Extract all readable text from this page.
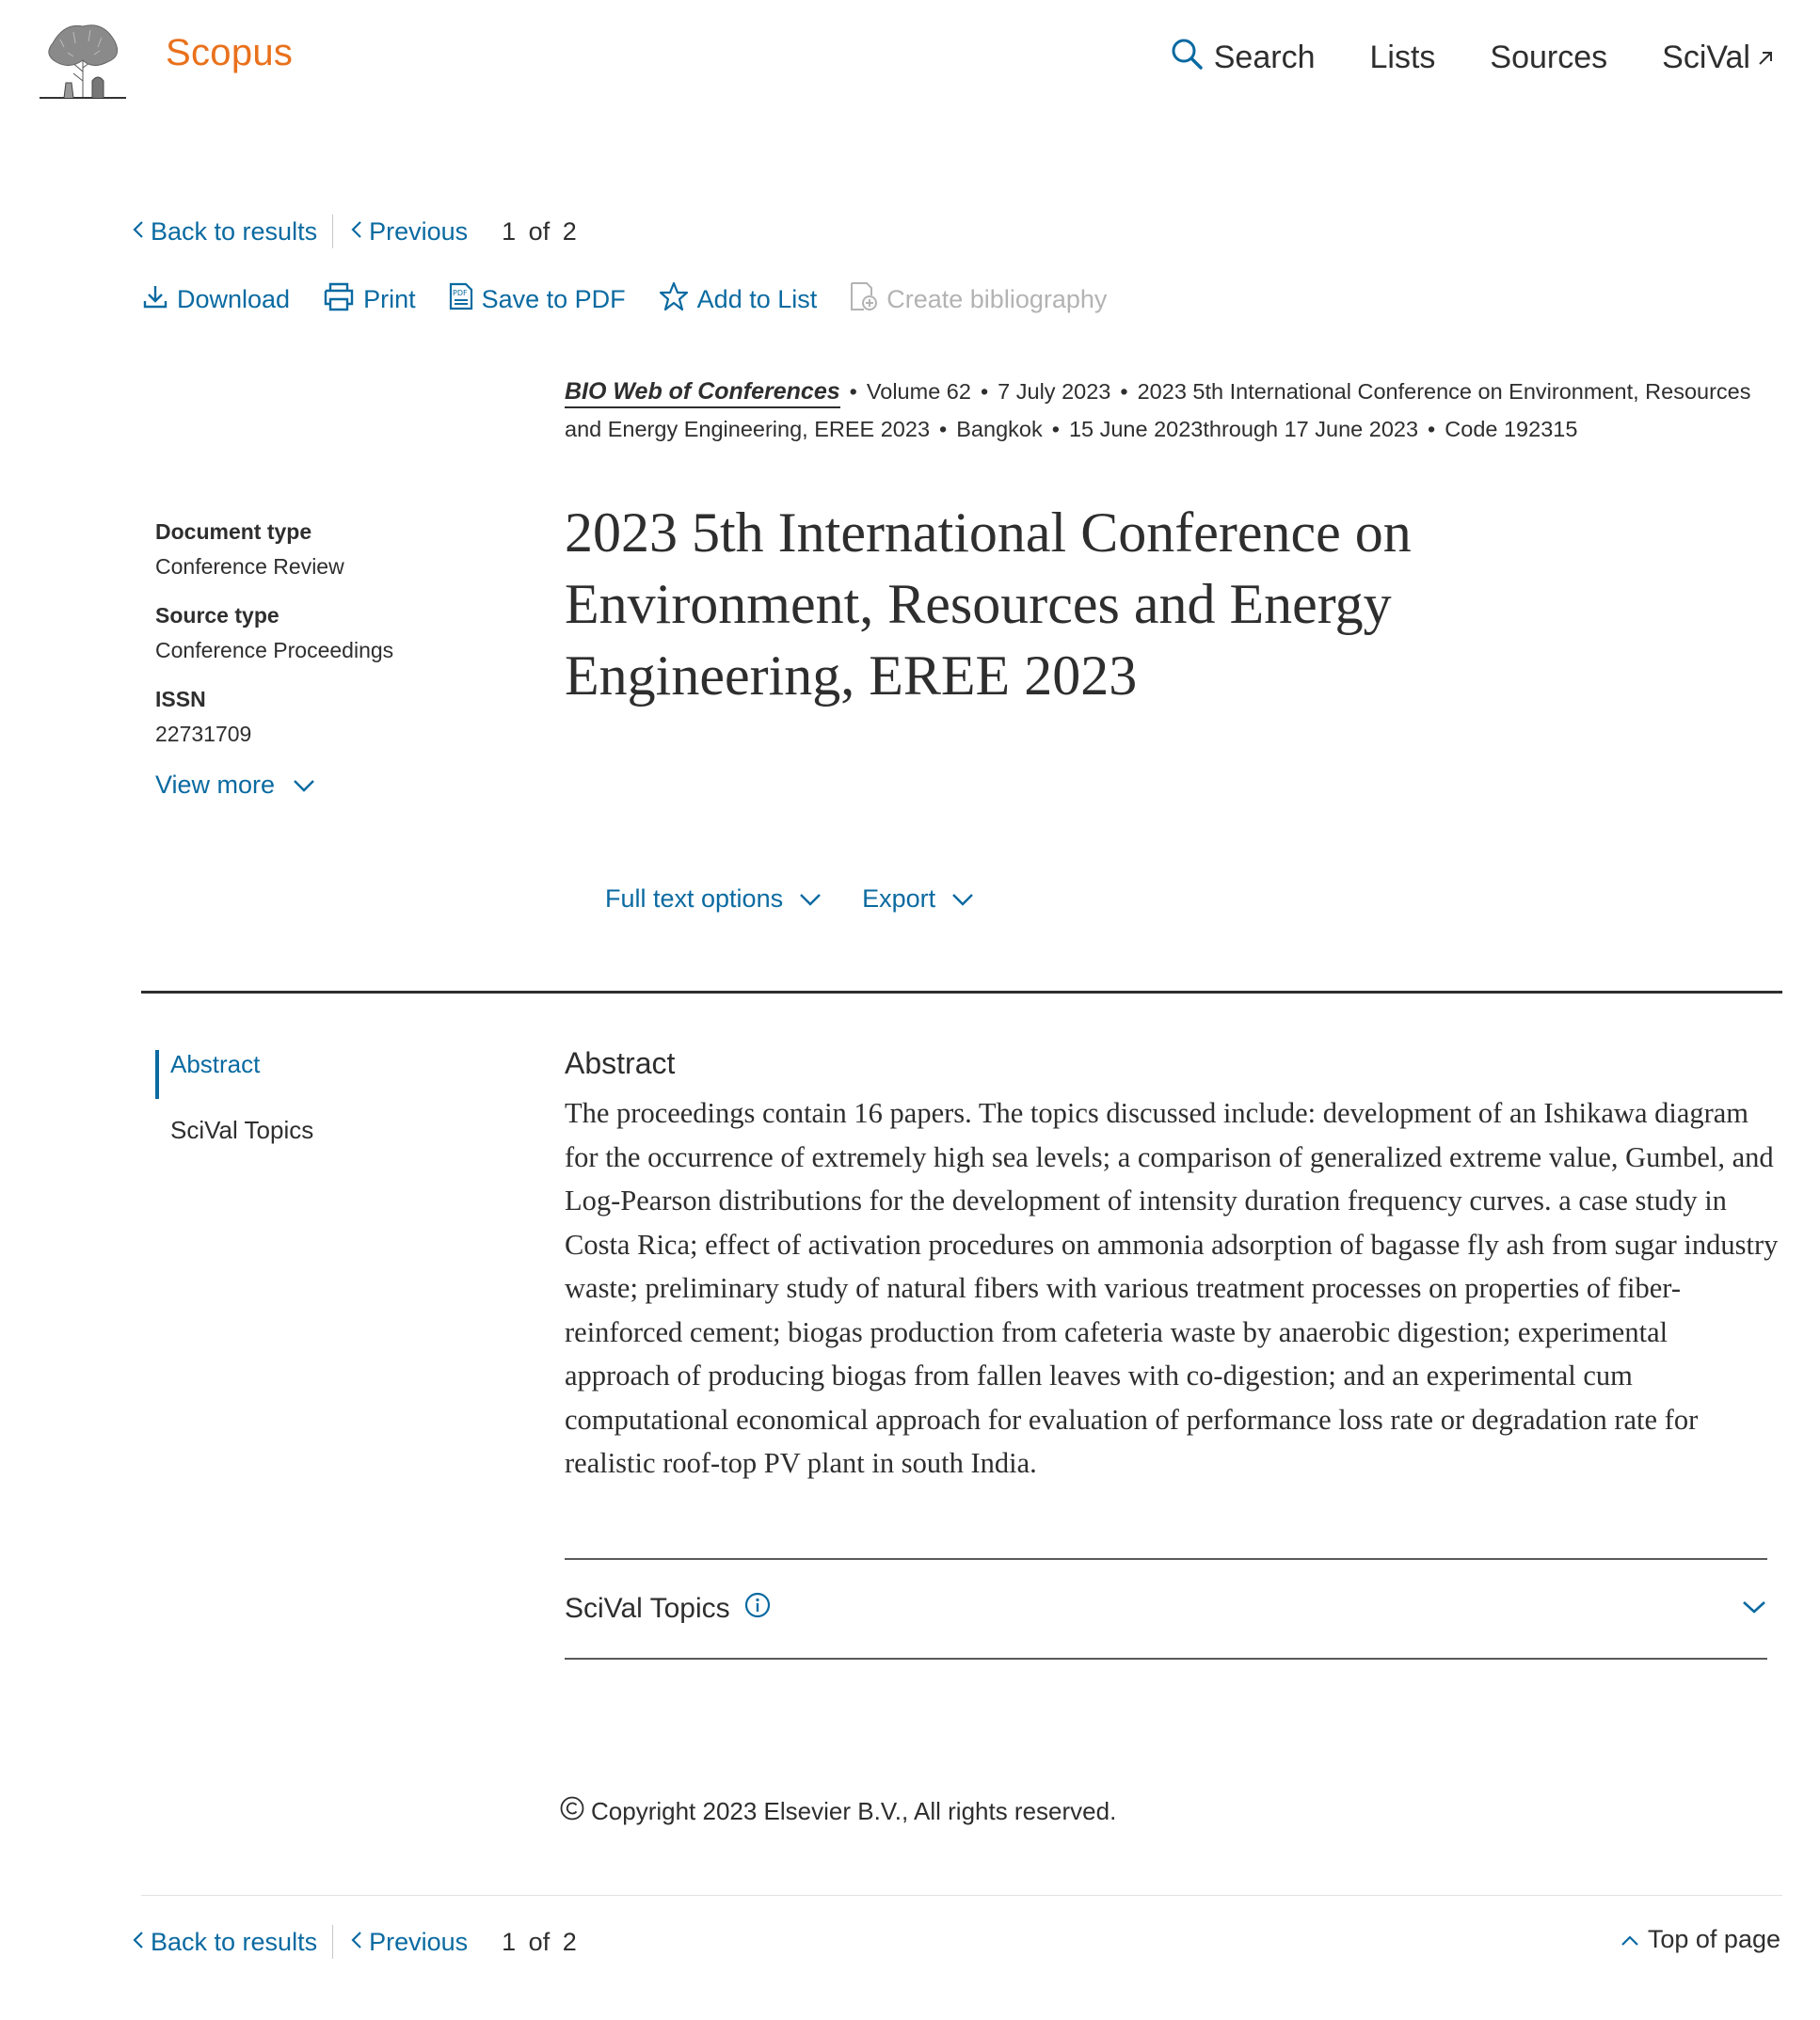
Scopus	Search Lists Sources SciVal
Back to results Previous 1 of 2
Download	Print	PDF Save to PDF	Add to List	Create bibliography
BIO Web of Conferences • Volume 62 • 7 July 2023 • 2023 5th International Conference on Environment, Resources and Energy Engineering, EREE 2023 • Bangkok • 15 June 2023through 17 June 2023 • Code 192315
Document type
Conference Review
Source type
Conference Proceedings
ISSN
22731709
View more
2023 5th International Conference on Environment, Resources and Energy Engineering, EREE 2023
Full text options	Export
Abstract
SciVal Topics
Abstract
The proceedings contain 16 papers. The topics discussed include: development of an Ishikawa diagram for the occurrence of extremely high sea levels; a comparison of generalized extreme value, Gumbel, and Log-Pearson distributions for the development of intensity duration frequency curves. a case study in Costa Rica; effect of activation procedures on ammonia adsorption of bagasse fly ash from sugar industry waste; preliminary study of natural fibers with various treatment processes on properties of fiber-reinforced cement; biogas production from cafeteria waste by anaerobic digestion; experimental approach of producing biogas from fallen leaves with co-digestion; and an experimental cum computational economical approach for evaluation of performance loss rate or degradation rate for realistic roof-top PV plant in south India.
SciVal Topics
Copyright 2023 Elsevier B.V., All rights reserved.
Back to results Previous 1 of 2	Top of page
